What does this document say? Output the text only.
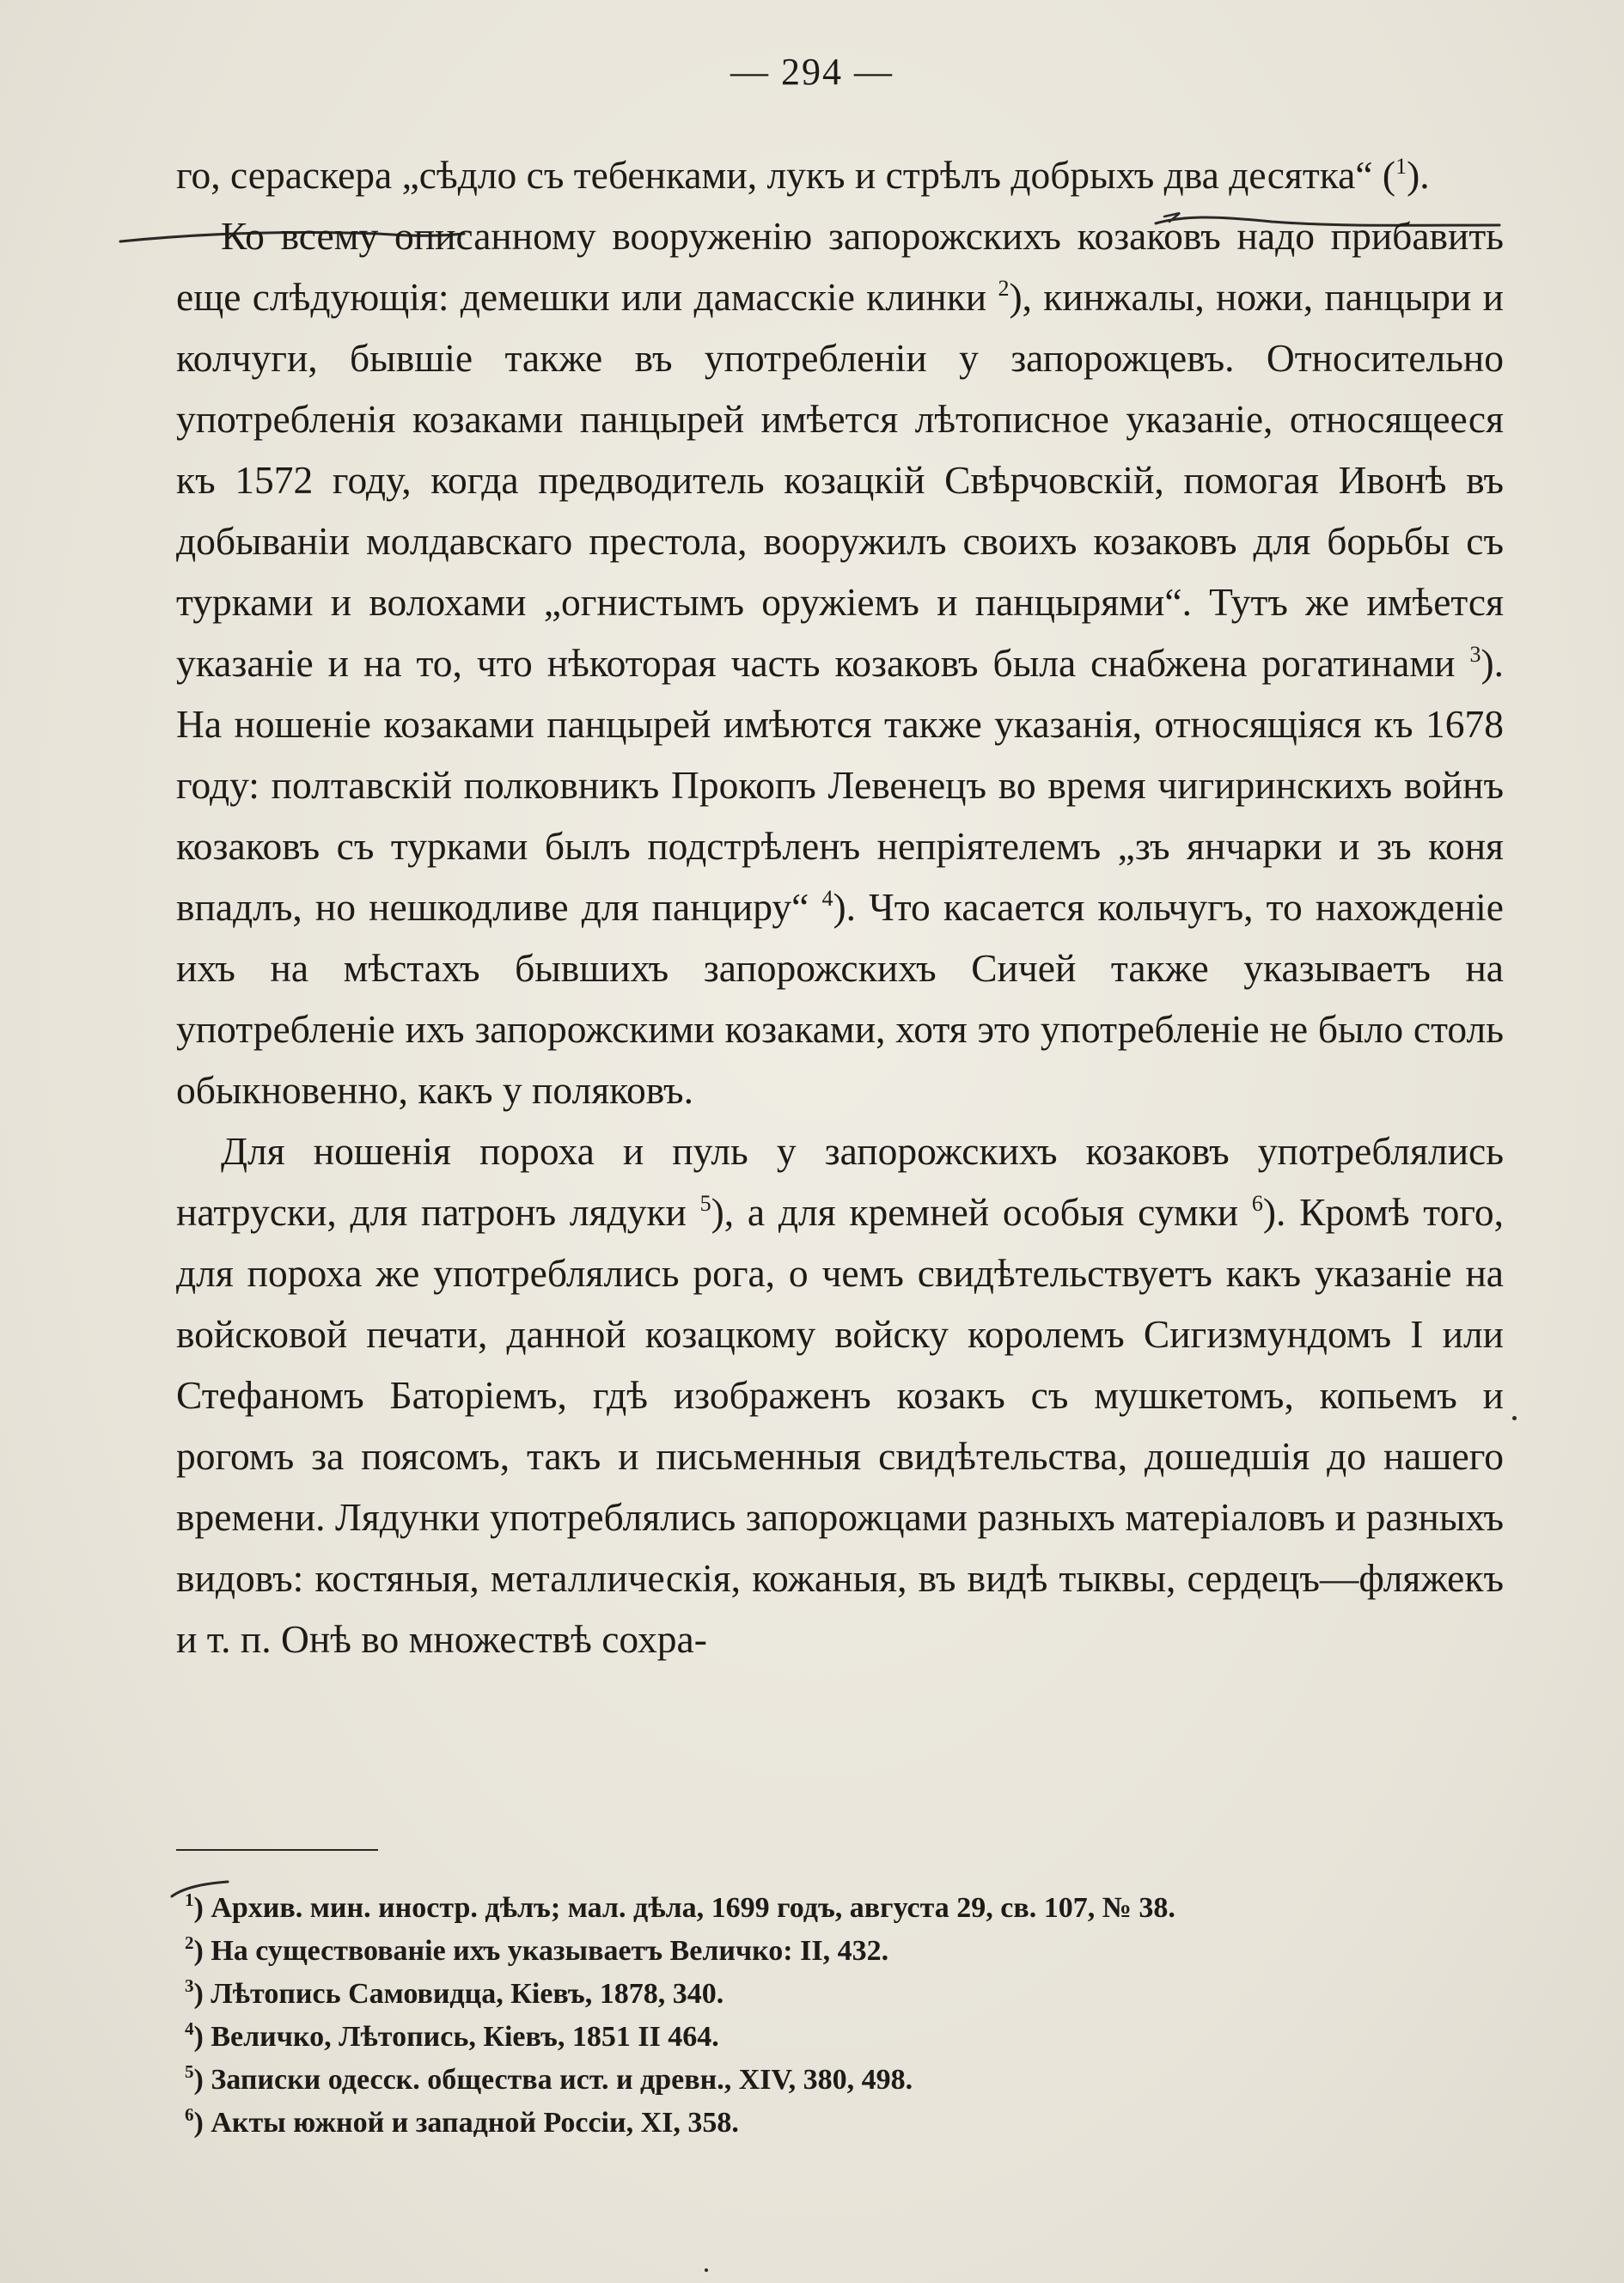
— 294 —

го, сераскера „сѣдло съ тебенками, лукъ и стрѣлъ добрыхъ два десятка“ ($^1$).

Ко всему описанному вооруженію запорожскихъ козаковъ надо прибавить еще слѣдующія: демешки или дамасскіе клинки $^2$), кинжалы, ножи, панцыри и колчуги, бывшіе также въ употребленіи у запорожцевъ. Относительно употребленія козаками панцырей имѣется лѣтописное указаніе, относящееся къ 1572 году, когда предводитель козацкій Свѣрчовскій, помогая Ивонѣ въ добываніи молдавскаго престола, вооружилъ своихъ козаковъ для борьбы съ турками и волохами „огнистымъ оружіемъ и панцырями“. Тутъ же имѣется указаніе и на то, что нѣкоторая часть козаковъ была снабжена рогатинами $^3$). На ношеніе козаками панцырей имѣются также указанія, относящіяся къ 1678 году: полтавскій полковникъ Прокопъ Левенецъ во время чигиринскихъ войнъ козаковъ съ турками былъ подстрѣленъ непріятелемъ „зъ янчарки и зъ коня впадлъ, но нешкодливе для панциру“ $^4$). Что касается кольчугъ, то нахожденіе ихъ на мѣстахъ бывшихъ запорожскихъ Сичей также указываетъ на употребленіе ихъ запорожскими козаками, хотя это употребленіе не было столь обыкновенно, какъ у поляковъ.

Для ношенія пороха и пуль у запорожскихъ козаковъ употреблялись натруски, для патронъ лядуки $^5$), а для кремней особыя сумки $^6$). Кромѣ того, для пороха же употреблялись рога, о чемъ свидѣтельствуетъ какъ указаніе на войсковой печати, данной козацкому войску королемъ Сигизмундомъ I или Стефаномъ Баторіемъ, гдѣ изображенъ козакъ съ мушкетомъ, копьемъ и рогомъ за поясомъ, такъ и письменныя свидѣтельства, дошедшія до нашего времени. Лядунки употреблялись запорожцами разныхъ матеріаловъ и разныхъ видовъ: костяныя, металлическія, кожаныя, въ видѣ тыквы, сердецъ—фляжекъ и т. п. Онѣ во множествѣ сохра-

$^1$) Архив. мин. иностр. дѣлъ; мал. дѣла, 1699 годъ, августа 29, св. 107, № 38.

$^2$) На существованіе ихъ указываетъ Величко: II, 432.

$^3$) Лѣтопись Самовидца, Кіевъ, 1878, 340.

$^4$) Величко, Лѣтопись, Кіевъ, 1851 II 464.

$^5$) Записки одесск. общества ист. и древн., XIV, 380, 498.

$^6$) Акты южной и западной Россіи, XI, 358.
